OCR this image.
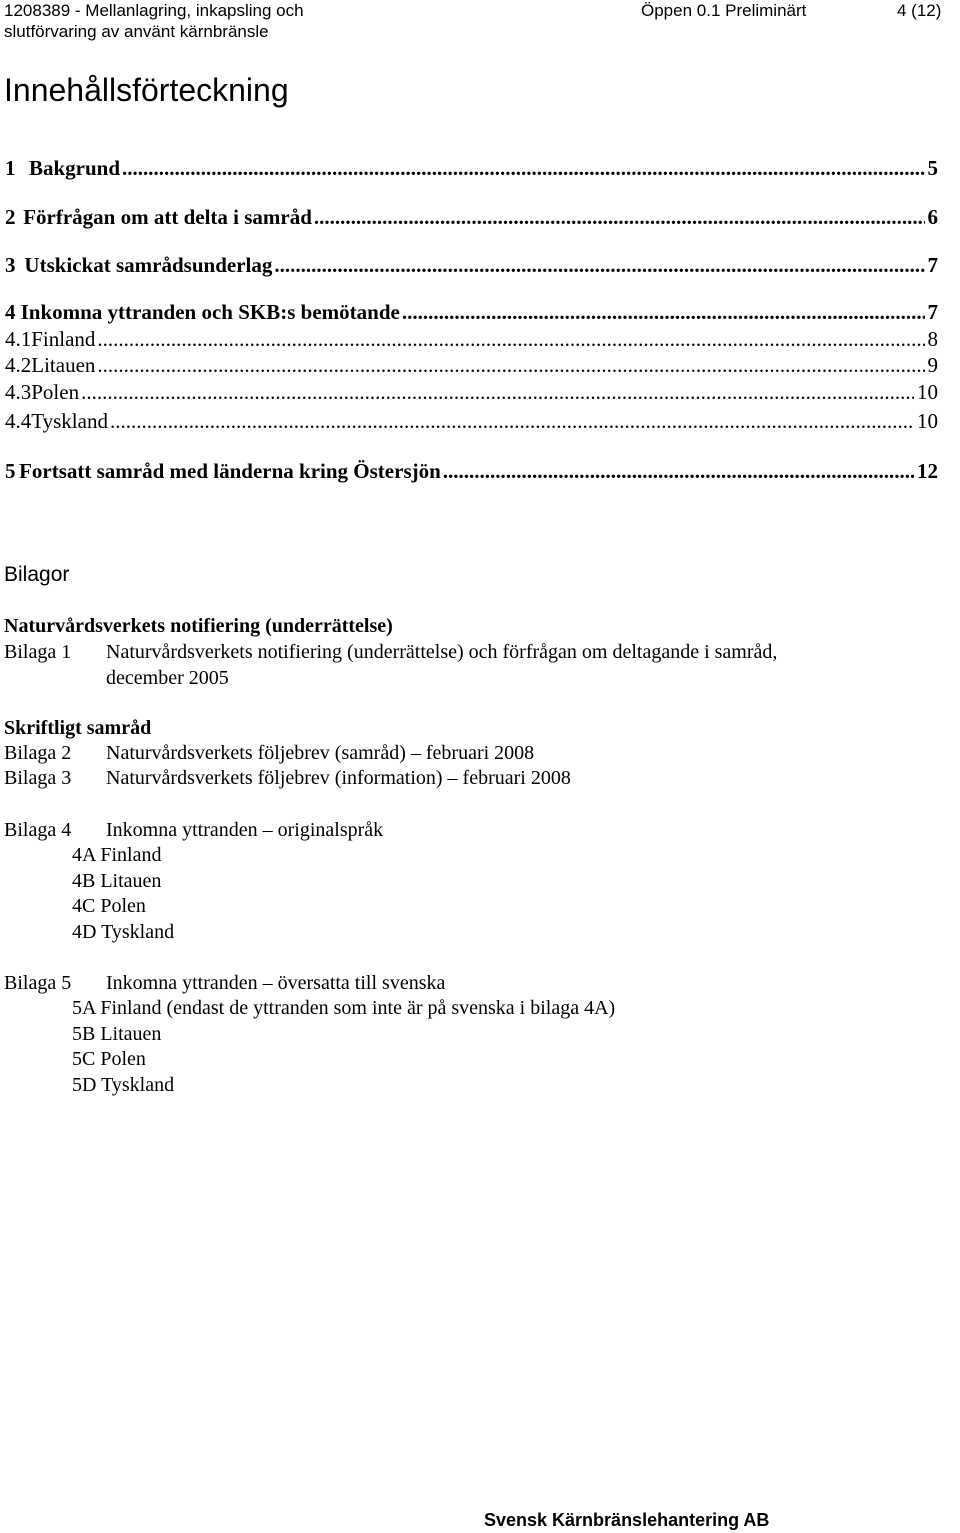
1208389 - Mellanlagring, inkapsling och
slutförvaring av använt kärnbränsle
Öppen 0.1 Preliminärt	4 (12)
Innehållsförteckning
1 Bakgrund .....	5
2 Förfrågan om att delta i samråd .....	6
3 Utskickat samrådsunderlag .....	7
4 Inkomna yttranden och SKB:s bemötande .....	7
4.1 Finland .....	8
4.2 Litauen .....	9
4.3 Polen .....	10
4.4 Tyskland .....	10
5 Fortsatt samråd med länderna kring Östersjön .....	12
Bilagor
Naturvårdsverkets notifiering (underrättelse)
Bilaga 1 Naturvårdsverkets notifiering (underrättelse) och förfrågan om deltagande i samråd,
december 2005
Skriftligt samråd
Bilaga 2 Naturvårdsverkets följebrev (samråd) – februari 2008
Bilaga 3 Naturvårdsverkets följebrev (information) – februari 2008
Bilaga 4 Inkomna yttranden – originalspråk
4A Finland
4B Litauen
4C Polen
4D Tyskland
Bilaga 5 Inkomna yttranden – översatta till svenska
5A Finland (endast de yttranden som inte är på svenska i bilaga 4A)
5B Litauen
5C Polen
5D Tyskland
Svensk Kärnbränslehantering AB
